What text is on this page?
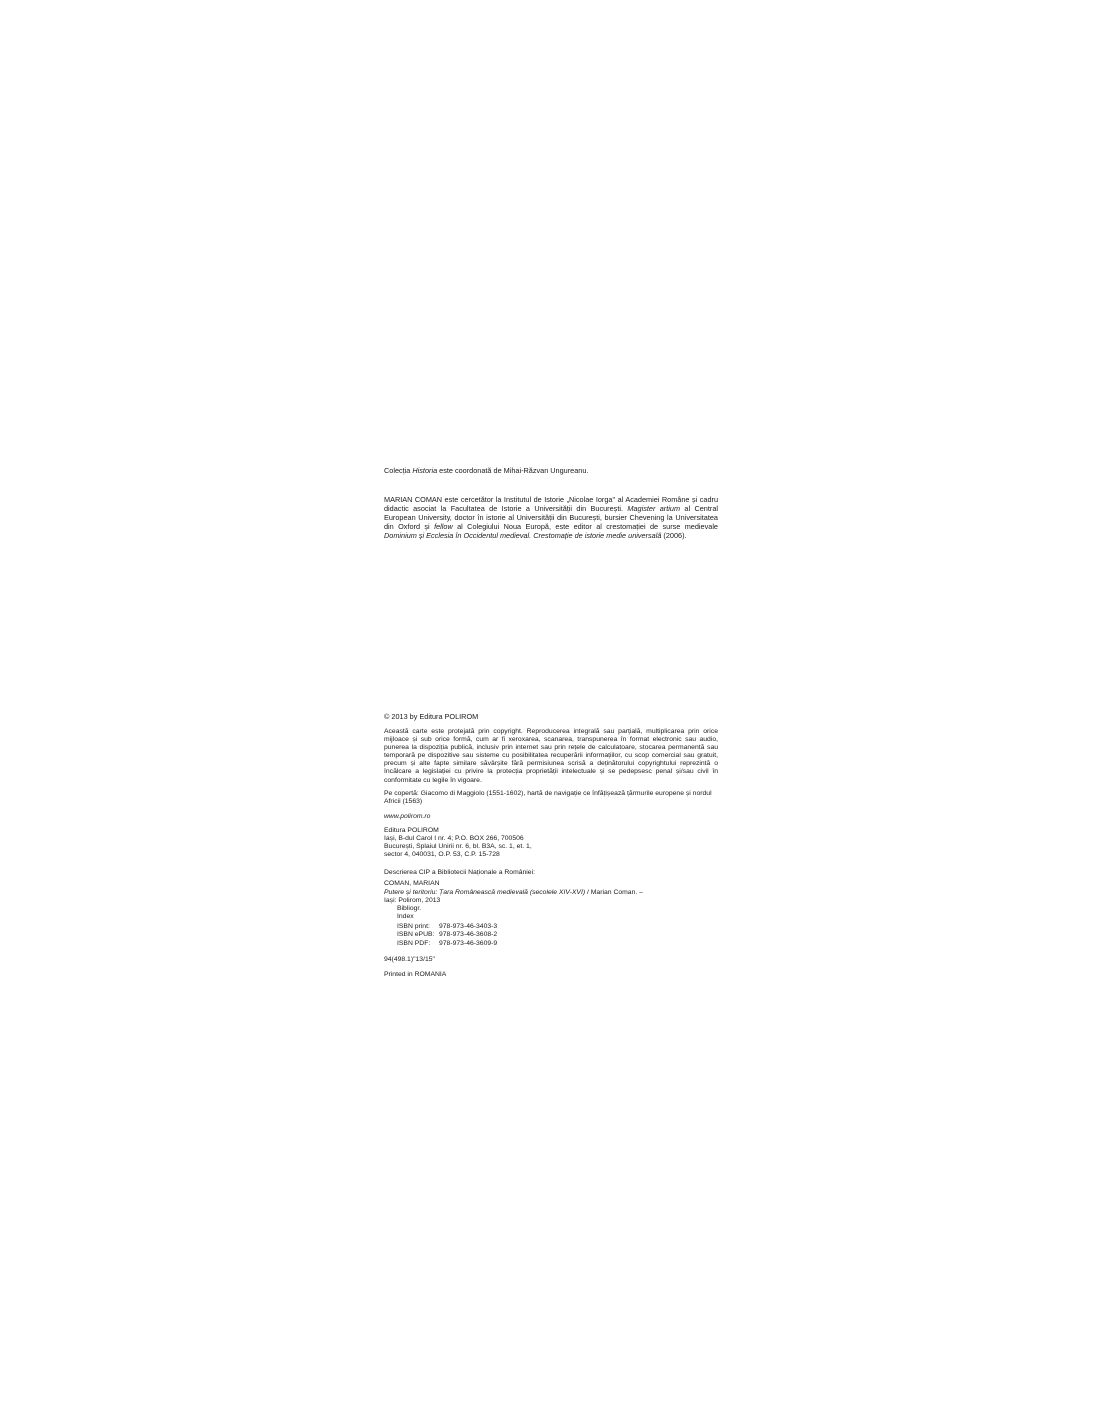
Colecția Historia este coordonată de Mihai-Răzvan Ungureanu.
MARIAN COMAN este cercetător la Institutul de Istorie „Nicolae Iorga" al Academiei Române și cadru didactic asociat la Facultatea de Istorie a Universității din București. Magister artium al Central European University, doctor în istorie al Universității din București, bursier Chevening la Universitatea din Oxford și fellow al Colegiului Noua Europă, este editor al crestomației de surse medievale Dominium și Ecclesia în Occidentul medieval. Crestomație de istorie medie universală (2006).
© 2013 by Editura POLIROM
Această carte este protejată prin copyright. Reproducerea integrală sau parțială, multiplicarea prin orice mijloace și sub orice formă, cum ar fi xeroxarea, scanarea, transpunerea în format electronic sau audio, punerea la dispoziția publică, inclusiv prin internet sau prin rețele de calculatoare, stocarea permanentă sau temporară pe dispozitive sau sisteme cu posibilitatea recuperării informațiilor, cu scop comercial sau gratuit, precum și alte fapte similare săvârșite fără permisiunea scrisă a deținătorului copyrightului reprezintă o încălcare a legislației cu privire la protecția proprietății intelectuale și se pedepsesc penal și/sau civil în conformitate cu legile în vigoare.
Pe copertă: Giacomo di Maggiolo (1551-1602), hartă de navigație ce înfățișează țărmurile europene și nordul Africii (1563)
www.polirom.ro
Editura POLIROM
Iași, B-dul Carol I nr. 4; P.O. BOX 266, 700506
București, Splaiul Unirii nr. 6, bl. B3A, sc. 1, et. 1,
sector 4, 040031, O.P. 53, C.P. 15-728
Descrierea CIP a Bibliotecii Naționale a României:
COMAN, MARIAN
Putere și teritoriu: Țara Românească medievală (secolele XIV-XVI) / Marian Coman. –
Iași: Polirom, 2013
Bibliogr.
Index
ISBN print:	978-973-46-3403-3
ISBN ePUB: 978-973-46-3608-2
ISBN PDF:	978-973-46-3609-9
94(498.1)"13/15"
Printed in ROMANIA
